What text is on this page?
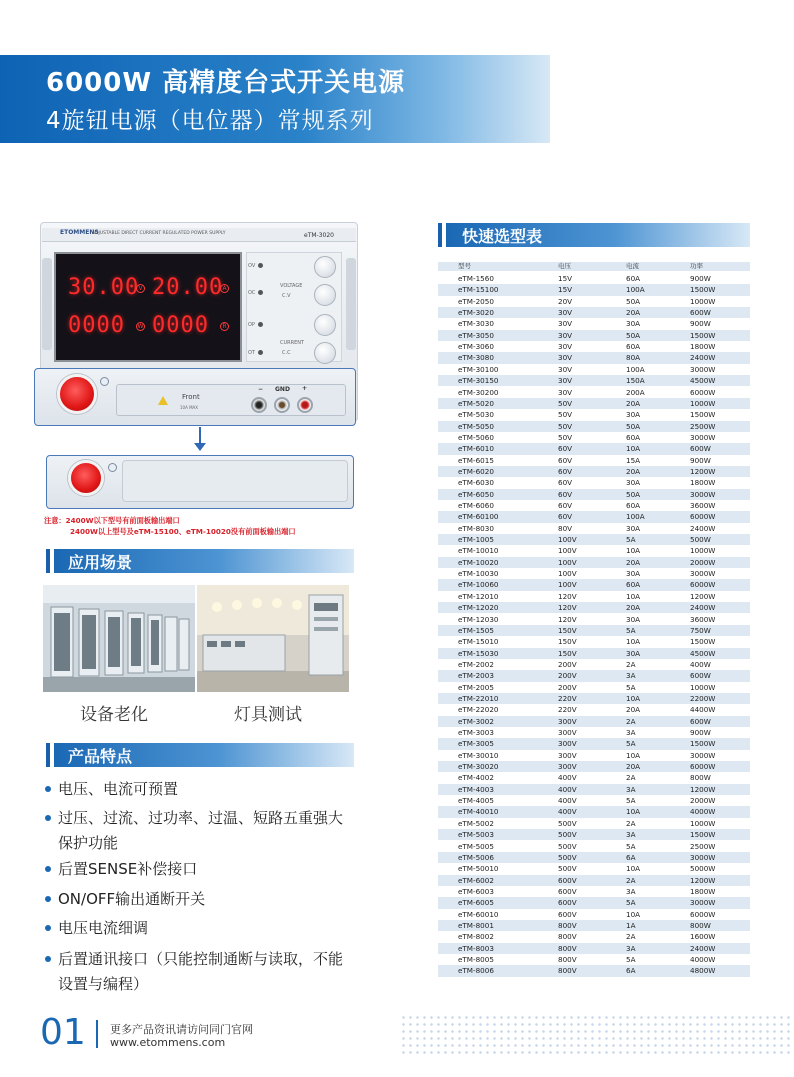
6000W 高精度台式开关电源
4旋钮电源（电位器）常规系列
ETOMMENS
ADJUSTABLE DIRECT CURRENT REGULATED POWER SUPPLY	eTM-3020
30.00 V 20.00 A
0000 W 0000	R
OV
OC
OP
OT
VOLTAGE
C.V
CURRENT
C.C
Front
10A MAX
− GND +
注意：2400W以下型号有前面板输出端口
2400W以上型号及eTM-15100、eTM-10020没有前面板输出端口
应用场景
设备老化	灯具测试
产品特点
电压、电流可预置
过压、过流、过功率、过温、短路五重强大保护功能
后置SENSE补偿接口
ON/OFF输出通断开关
电压电流细调
后置通讯接口（只能控制通断与读取，不能设置与编程）
快速选型表
型号	电压	电流	功率
eTM-1560	15V	60A	900W
eTM-15100	15V	100A	1500W
eTM-2050	20V	50A	1000W
eTM-3020	30V	20A	600W
eTM-3030	30V	30A	900W
eTM-3050	30V	50A	1500W
eTM-3060	30V	60A	1800W
eTM-3080	30V	80A	2400W
eTM-30100	30V	100A	3000W
eTM-30150	30V	150A	4500W
eTM-30200	30V	200A	6000W
eTM-5020	50V	20A	1000W
eTM-5030	50V	30A	1500W
eTM-5050	50V	50A	2500W
eTM-5060	50V	60A	3000W
eTM-6010	60V	10A	600W
eTM-6015	60V	15A	900W
eTM-6020	60V	20A	1200W
eTM-6030	60V	30A	1800W
eTM-6050	60V	50A	3000W
eTM-6060	60V	60A	3600W
eTM-60100	60V	100A	6000W
eTM-8030	80V	30A	2400W
eTM-1005	100V	5A	500W
eTM-10010	100V	10A	1000W
eTM-10020	100V	20A	2000W
eTM-10030	100V	30A	3000W
eTM-10060	100V	60A	6000W
eTM-12010	120V	10A	1200W
eTM-12020	120V	20A	2400W
eTM-12030	120V	30A	3600W
eTM-1505	150V	5A	750W
eTM-15010	150V	10A	1500W
eTM-15030	150V	30A	4500W
eTM-2002	200V	2A	400W
eTM-2003	200V	3A	600W
eTM-2005	200V	5A	1000W
eTM-22010	220V	10A	2200W
eTM-22020	220V	20A	4400W
eTM-3002	300V	2A	600W
eTM-3003	300V	3A	900W
eTM-3005	300V	5A	1500W
eTM-30010	300V	10A	3000W
eTM-30020	300V	20A	6000W
eTM-4002	400V	2A	800W
eTM-4003	400V	3A	1200W
eTM-4005	400V	5A	2000W
eTM-40010	400V	10A	4000W
eTM-5002	500V	2A	1000W
eTM-5003	500V	3A	1500W
eTM-5005	500V	5A	2500W
eTM-5006	500V	6A	3000W
eTM-50010	500V	10A	5000W
eTM-6002	600V	2A	1200W
eTM-6003	600V	3A	1800W
eTM-6005	600V	5A	3000W
eTM-60010	600V	10A	6000W
eTM-8001	800V	1A	800W
eTM-8002	800V	2A	1600W
eTM-8003	800V	3A	2400W
eTM-8005	800V	5A	4000W
eTM-8006	800V	6A	4800W
01 更多产品资讯请访问同门官网
www.etommens.com
